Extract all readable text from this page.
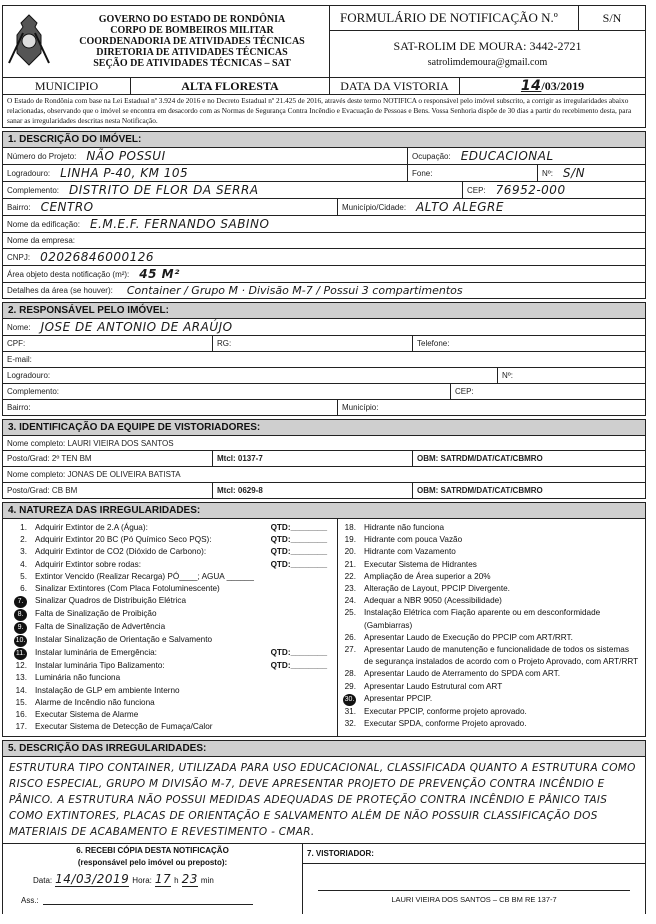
GOVERNO DO ESTADO DE RONDÔNIA
CORPO DE BOMBEIROS MILITAR
COORDENADORIA DE ATIVIDADES TÉCNICAS
DIRETORIA DE ATIVIDADES TÉCNICAS
SEÇÃO DE ATIVIDADES TÉCNICAS – SAT
FORMULÁRIO DE NOTIFICAÇÃO N.º	S/N
SAT-ROLIM DE MOURA: 3442-2721
satrolimdemoura@gmail.com
MUNICIPIO	ALTA FLORESTA	DATA DA VISTORIA	14/03/2019
O Estado de Rondônia com base na Lei Estadual nº 3.924 de 2016 e no Decreto Estadual nº 21.425 de 2016, através deste termo NOTIFICA o responsável pelo imóvel subscrito, a corrigir as irregularidades abaixo relacionadas, observando que o imóvel se encontra em desacordo com as Normas de Segurança Contra Incêndio e Evacuação de Pessoas e Bens. Vossa Senhoria dispõe de 30 dias a partir do recebimento desta, para sanar as irregularidades descritas nesta Notificação.
1. DESCRIÇÃO DO IMÓVEL:
Número do Projeto: NÃO POSSUI	Ocupação: EDUCACIONAL
Logradouro: LINHA P-40, KM 105	Fone:	Nº: S/N
Complemento: DISTRITO DE FLOR DA SERRA	CEP: 76952-000
Bairro: CENTRO	Município/Cidade: ALTO ALEGRE
Nome da edificação: E.M.E.F. FERNANDO SABINO
Nome da empresa:
CNPJ: 02026846000126
Área objeto desta notificação (m²): 45 M²
Detalhes da área (se houver): Container / Grupo M · Divisão M-7 / Possui 3 compartimentos
2. RESPONSÁVEL PELO IMÓVEL:
Nome: JOSE DE ANTONIO DE ARAÚJO
CPF:	RG:	Telefone:
E-mail:
Logradouro:	Nº:
Complemento:	CEP:
Bairro:	Município:
3. IDENTIFICAÇÃO DA EQUIPE DE VISTORIADORES:
Nome completo: LAURI VIEIRA DOS SANTOS
Posto/Grad: 2º TEN BM	Mtcl: 0137-7	OBM: SATRDM/DAT/CAT/CBMRO
Nome completo: JONAS DE OLIVEIRA BATISTA
Posto/Grad: CB BM	Mtcl: 0629-8	OBM: SATRDM/DAT/CAT/CBMRO
4. NATUREZA DAS IRREGULARIDADES:
1. Adquirir Extintor de 2.A (Água):	QTD:________
2. Adquirir Extintor 20 BC (Pó Químico Seco PQS):	QTD:________
3. Adquirir Extintor de CO2 (Dióxido de Carbono):	QTD:________
4. Adquirir Extintor sobre rodas:	QTD:________
5. Extintor Vencido (Realizar Recarga) PÓ____; AGUA ______
6. Sinalizar Extintores (Com Placa Fotoluminescente)
7.	Sinalizar Quadros de Distribuição Elétrica
8.	Falta de Sinalização de Proibição
9.	Falta de Sinalização de Advertência
10.	Instalar Sinalização de Orientação e Salvamento
11.	Instalar luminária de Emergência:	QTD:________
12. Instalar luminária Tipo Balizamento:	QTD:________
13. Luminária não funciona
14. Instalação de GLP em ambiente Interno
15. Alarme de Incêndio não funciona
16. Executar Sistema de Alarme
17. Executar Sistema de Detecção de Fumaça/Calor
18. Hidrante não funciona
19. Hidrante com pouca Vazão
20. Hidrante com Vazamento
21. Executar Sistema de Hidrantes
22. Ampliação de Área superior a 20%
23. Alteração de Layout, PPCIP Divergente.
24. Adequar a NBR 9050 (Acessibilidade)
25. Instalação Elétrica com Fiação aparente ou em desconformidade (Gambiarras)
26. Apresentar Laudo de Execução do PPCIP com ART/RRT.
27. Apresentar Laudo de manutenção e funcionalidade de todos os sistemas de segurança instalados de acordo com o Projeto Aprovado, com ART/RRT
28. Apresentar Laudo de Aterramento do SPDA com ART.
29. Apresentar Laudo Estrutural com ART
30.	Apresentar PPCIP.
31. Executar PPCIP, conforme projeto aprovado.
32. Executar SPDA, conforme Projeto aprovado.
5. DESCRIÇÃO DAS IRREGULARIDADES:
ESTRUTURA TIPO CONTAINER, UTILIZADA PARA USO EDUCACIONAL, CLASSIFICADA QUANTO A ESTRUTURA COMO RISCO ESPECIAL, GRUPO M DIVISÃO M-7, DEVE APRESENTAR PROJETO DE PREVENÇÃO CONTRA INCÊNDIO E PÂNICO. A ESTRUTURA NÃO POSSUI MEDIDAS ADEQUADAS DE PROTEÇÃO CONTRA INCÊNDIO E PÂNICO TAIS COMO EXTINTORES, PLACAS DE ORIENTAÇÃO E SALVAMENTO ALÉM DE NÃO POSSUIR CLASSIFICAÇÃO DOS MATERIAIS DE ACABAMENTO E REVESTIMENTO - CMAR.
6. RECEBI CÓPIA DESTA NOTIFICAÇÃO
(responsável pelo imóvel ou preposto):
Data: 14/03/2019 Hora: 17 h 23 min
Ass.:
7. VISTORIADOR:
LAURI VIEIRA DOS SANTOS – CB BM RE 137-7
